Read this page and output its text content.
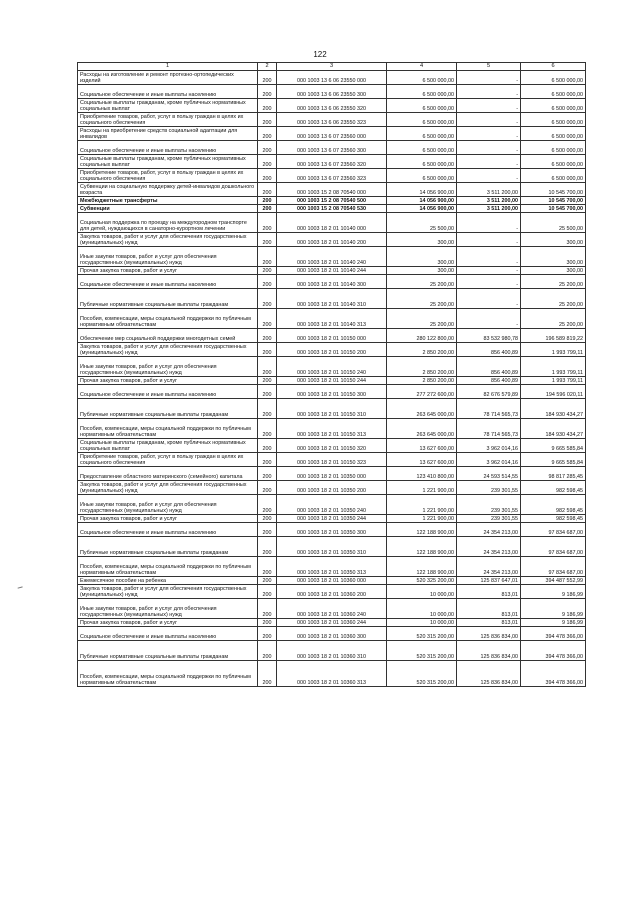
122
1	2	3	4	5	6
Расходы на изготовление и ремонт протезно-ортопедических изделий	200	000 1003 13 6 06 23550 000	6 500 000,00	-	6 500 000,00
Социальное обеспечение и иные выплаты населению	200	000 1003 13 6 06 23550 300	6 500 000,00	-	6 500 000,00
Социальные выплаты гражданам, кроме публичных нормативных социальных выплат	200	000 1003 13 6 06 23550 320	6 500 000,00	-	6 500 000,00
Приобретение товаров, работ, услуг в пользу граждан в целях их социального обеспечения	200	000 1003 13 6 06 23550 323	6 500 000,00	-	6 500 000,00
Расходы на приобретение средств социальной адаптации для инвалидов	200	000 1003 13 6 07 23560 000	6 500 000,00	-	6 500 000,00
Социальное обеспечение и иные выплаты населению	200	000 1003 13 6 07 23560 300	6 500 000,00	-	6 500 000,00
Социальные выплаты гражданам, кроме публичных нормативных социальных выплат	200	000 1003 13 6 07 23560 320	6 500 000,00	-	6 500 000,00
Приобретение товаров, работ, услуг в пользу граждан в целях их социального обеспечения	200	000 1003 13 6 07 23560 323	6 500 000,00	-	6 500 000,00
Субвенции на социальную поддержку детей-инвалидов дошкольного возраста	200	000 1003 15 2 08 70540 000	14 056 900,00	3 511 200,00	10 545 700,00
Межбюджетные трансферты	200	000 1003 15 2 08 70540 500	14 056 900,00	3 511 200,00	10 545 700,00
Субвенции	200	000 1003 15 2 08 70540 530	14 056 900,00	3 511 200,00	10 545 700,00
Социальная поддержка по проезду на междугородном транспорте для детей, нуждающихся в санаторно-курортном лечении	200	000 1003 18 2 01 10140 000	25 500,00	-	25 500,00
Закупка товаров, работ и услуг для обеспечения государственных (муниципальных) нужд	200	000 1003 18 2 01 10140 200	300,00	-	300,00
Иные закупки товаров, работ и услуг для обеспечения государственных (муниципальных) нужд	200	000 1003 18 2 01 10140 240	300,00	-	300,00
Прочая закупка товаров, работ и услуг	200	000 1003 18 2 01 10140 244	300,00	-	300,00
Социальное обеспечение и иные выплаты населению	200	000 1003 18 2 01 10140 300	25 200,00	-	25 200,00
Публичные нормативные социальные выплаты гражданам	200	000 1003 18 2 01 10140 310	25 200,00	-	25 200,00
Пособия, компенсации, меры социальной поддержки по публичным нормативным обязательствам	200	000 1003 18 2 01 10140 313	25 200,00	-	25 200,00
Обеспечение мер социальной поддержки многодетных семей	200	000 1003 18 2 01 10150 000	280 122 800,00	83 532 980,78	196 589 819,22
Закупка товаров, работ и услуг для обеспечения государственных (муниципальных) нужд	200	000 1003 18 2 01 10150 200	2 850 200,00	856 400,89	1 993 799,11
Иные закупки товаров, работ и услуг для обеспечения государственных (муниципальных) нужд	200	000 1003 18 2 01 10150 240	2 850 200,00	856 400,89	1 993 799,11
Прочая закупка товаров, работ и услуг	200	000 1003 18 2 01 10150 244	2 850 200,00	856 400,89	1 993 799,11
Социальное обеспечение и иные выплаты населению	200	000 1003 18 2 01 10150 300	277 272 600,00	82 676 579,89	194 596 020,11
Публичные нормативные социальные выплаты гражданам	200	000 1003 18 2 01 10150 310	263 645 000,00	78 714 565,73	184 930 434,27
Пособия, компенсации, меры социальной поддержки по публичным нормативным обязательствам	200	000 1003 18 2 01 10150 313	263 645 000,00	78 714 565,73	184 930 434,27
Социальные выплаты гражданам, кроме публичных нормативных социальных выплат	200	000 1003 18 2 01 10150 320	13 627 600,00	3 962 014,16	9 665 585,84
Приобретение товаров, работ, услуг в пользу граждан в целях их социального обеспечения	200	000 1003 18 2 01 10150 323	13 627 600,00	3 962 014,16	9 665 585,84
Предоставление областного материнского (семейного) капитала	200	000 1003 18 2 01 10350 000	123 410 800,00	24 593 514,55	98 817 285,45
Закупка товаров, работ и услуг для обеспечения государственных (муниципальных) нужд	200	000 1003 18 2 01 10350 200	1 221 900,00	239 301,55	982 598,45
Иные закупки товаров, работ и услуг для обеспечения государственных (муниципальных) нужд	200	000 1003 18 2 01 10350 240	1 221 900,00	239 301,55	982 598,45
Прочая закупка товаров, работ и услуг	200	000 1003 18 2 01 10350 244	1 221 900,00	239 301,55	982 598,45
Социальное обеспечение и иные выплаты населению	200	000 1003 18 2 01 10350 300	122 188 900,00	24 354 213,00	97 834 687,00
Публичные нормативные социальные выплаты гражданам	200	000 1003 18 2 01 10350 310	122 188 900,00	24 354 213,00	97 834 687,00
Пособия, компенсации, меры социальной поддержки по публичным нормативным обязательствам	200	000 1003 18 2 01 10350 313	122 188 900,00	24 354 213,00	97 834 687,00
Ежемесячное пособие на ребенка	200	000 1003 18 2 01 10360 000	520 325 200,00	125 837 647,01	394 487 552,99
Закупка товаров, работ и услуг для обеспечения государственных (муниципальных) нужд	200	000 1003 18 2 01 10360 200	10 000,00	813,01	9 186,99
Иные закупки товаров, работ и услуг для обеспечения государственных (муниципальных) нужд	200	000 1003 18 2 01 10360 240	10 000,00	813,01	9 186,99
Прочая закупка товаров, работ и услуг	200	000 1003 18 2 01 10360 244	10 000,00	813,01	9 186,99
Социальное обеспечение и иные выплаты населению	200	000 1003 18 2 01 10360 300	520 315 200,00	125 836 834,00	394 478 366,00
Публичные нормативные социальные выплаты гражданам	200	000 1003 18 2 01 10360 310	520 315 200,00	125 836 834,00	394 478 366,00
Пособия, компенсации, меры социальной поддержки по публичным нормативным обязательствам	200	000 1003 18 2 01 10360 313	520 315 200,00	125 836 834,00	394 478 366,00
